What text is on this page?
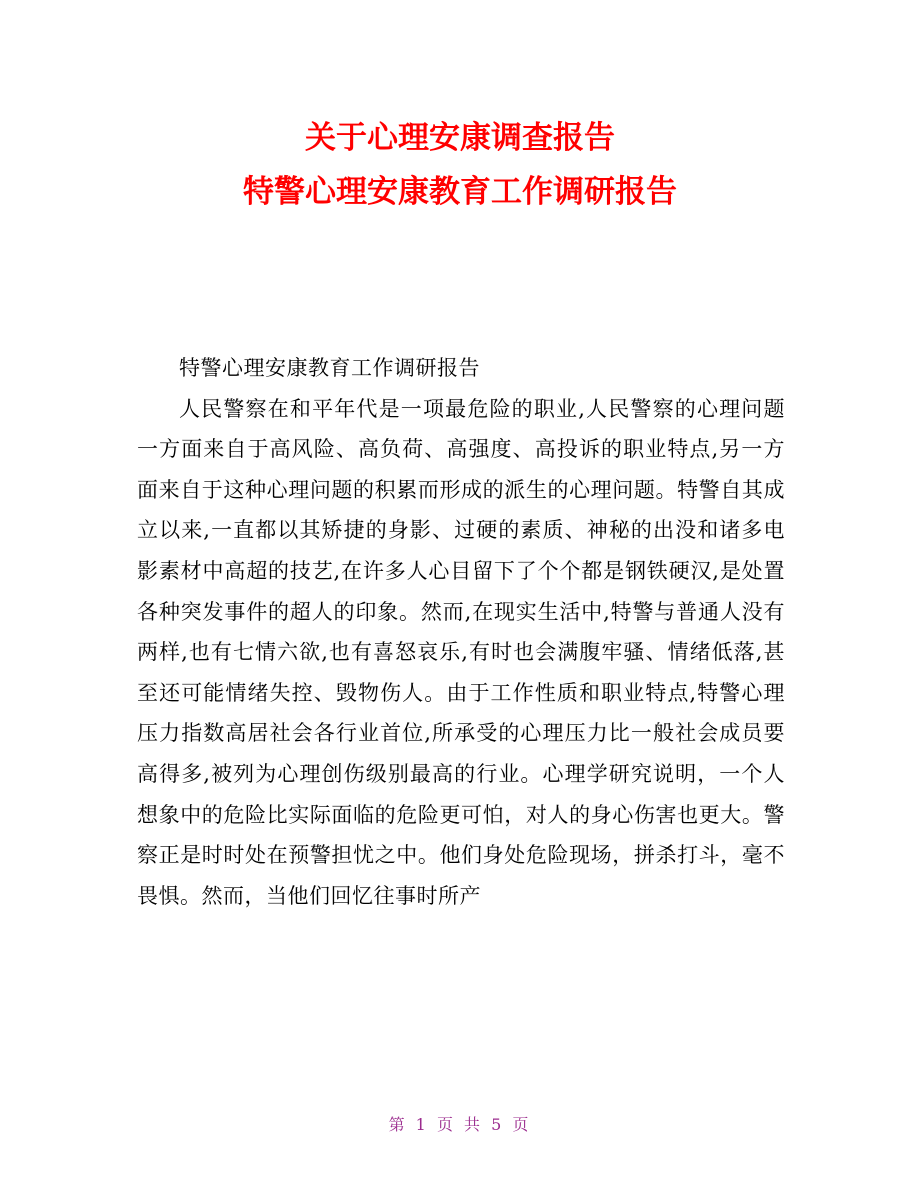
关于心理安康调查报告
特警心理安康教育工作调研报告

特警心理安康教育工作调研报告

人民警察在和平年代是一项最危险的职业,人民警察的心理问题一方面来自于高风险、高负荷、高强度、高投诉的职业特点,另一方面来自于这种心理问题的积累而形成的派生的心理问题。特警自其成立以来,一直都以其矫捷的身影、过硬的素质、神秘的出没和诸多电影素材中高超的技艺,在许多人心目留下了个个都是钢铁硬汉,是处置各种突发事件的超人的印象。然而,在现实生活中,特警与普通人没有两样,也有七情六欲,也有喜怒哀乐,有时也会满腹牢骚、情绪低落,甚至还可能情绪失控、毁物伤人。由于工作性质和职业特点,特警心理压力指数高居社会各行业首位,所承受的心理压力比一般社会成员要高得多,被列为心理创伤级别最高的行业。心理学研究说明，一个人想象中的危险比实际面临的危险更可怕，对人的身心伤害也更大。警察正是时时处在预警担忧之中。他们身处危险现场，拼杀打斗，毫不畏惧。然而，当他们回忆往事时所产

第 1 页 共 5 页
